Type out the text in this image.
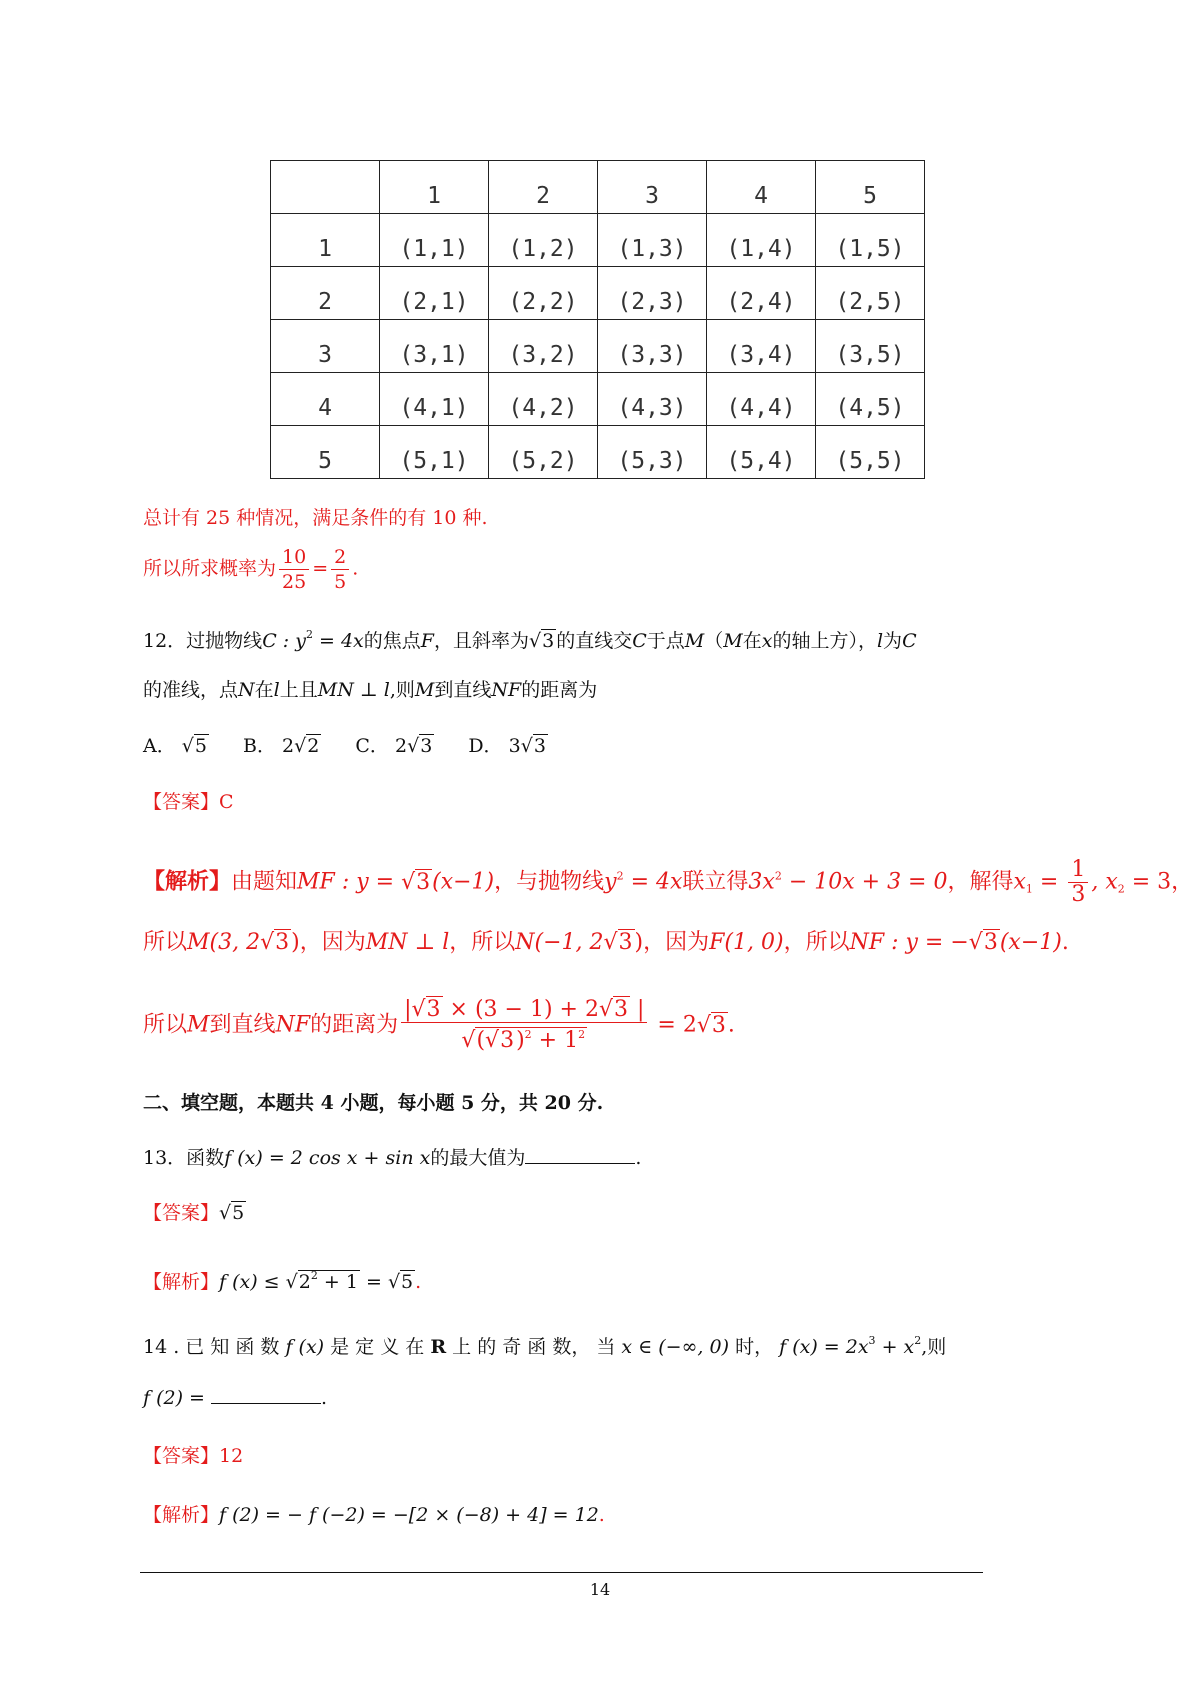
	1	2	3	4	5
1	(1,1)	(1,2)	(1,3)	(1,4)	(1,5)
2	(2,1)	(2,2)	(2,3)	(2,4)	(2,5)
3	(3,1)	(3,2)	(3,3)	(3,4)	(3,5)
4	(4,1)	(4,2)	(4,3)	(4,4)	(4,5)
5	(5,1)	(5,2)	(5,3)	(5,4)	(5,5)
总计有 25 种情况，满足条件的有 10 种.
所以所求概率为 $\frac{10}{25} = \frac{2}{5}$ .
12．过抛物线C : $y^2 = 4x$的焦点F，且斜率为√3 的直线交C于点M（M在x的轴上方），l为C
的准线，点N在l上且MN ⊥ l,则M到直线NF的距离为
A． √5 B． 2√2 C． 2√3 D． 3√3
【答案】C
【解析】由题知MF : y = √3(x−1)，与抛物线$y^2 = 4x$联立得$3x^2 - 10x + 3 = 0$，解得$x_1 = \frac{1}{3}$ , $x_2 = 3$，
所以M(3, 2√3)，因为MN ⊥ l，所以N(−1, 2√3)，因为F(1, 0)，所以NF : y = −√3(x−1).
所以M到直线NF的距离为 $\frac{|√3 \times (3 - 1) + 2√3 |}{√(√3)^2 + 1^2} = 2√3$.
二、填空题，本题共 4 小题，每小题 5 分，共 20 分.
13．函数f (x) = 2 cos x + sin x的最大值为	.
【答案】√5
【解析】f $(x) \le √2^2 + 1 = √5$ .
14 . 已 知 函 数 f (x) 是 定 义 在 R 上 的 奇 函 数， 当 x ∈ (−∞, 0) 时， f $(x) = 2x^3 + x^2$,则
f (2) =	.
【答案】12
【解析】f (2) = − f (−2) = −[2 × (−8) + 4] = 12.
14
